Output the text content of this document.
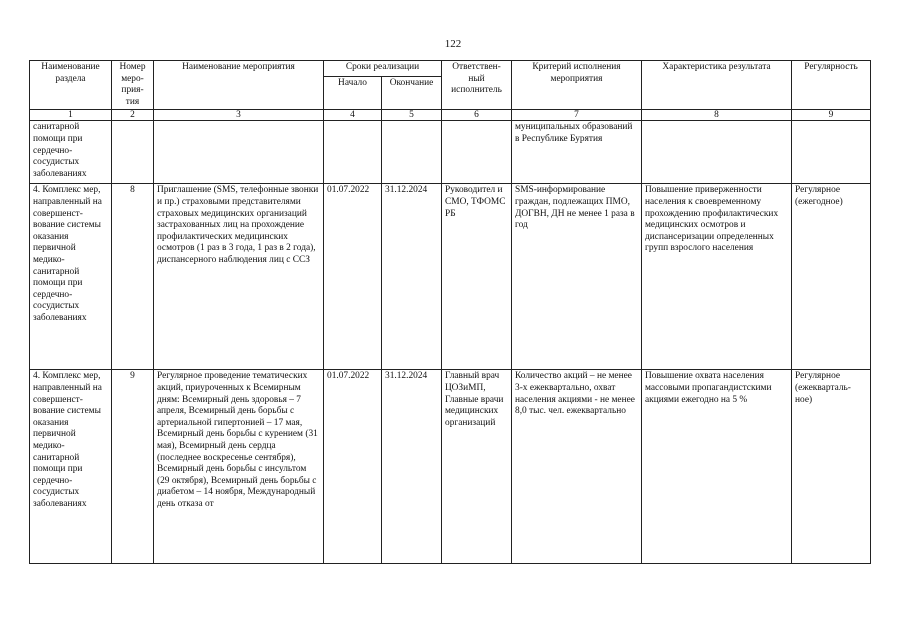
122
Наименование раздела	Номер меро-прия-тия	Наименование мероприятия	Сроки реализации		Ответствен-ный исполнитель	Критерий исполнения мероприятия	Характеристика результата	Регулярность
			Начало	Окончание				
1	2	3	4	5	6	7	8	9
санитарной помощи при сердечно-сосудистых заболеваниях						муниципальных образований в Республике Бурятия		
4. Комплекс мер, направленный на совершенст-вование системы оказания первичной медико-санитарной помощи при сердечно-сосудистых заболеваниях	8	Приглашение (SMS, телефонные звонки и пр.) страховыми представителями страховых медицинских организаций застрахованных лиц на прохождение профилактических медицинских осмотров (1 раз в 3 года, 1 раз в 2 года), диспансерного наблюдения лиц с ССЗ	01.07.2022	31.12.2024	Руководител и СМО, ТФОМС РБ	SMS-информирование граждан, подлежащих ПМО, ДОГВН, ДН не менее 1 раза в год	Повышение приверженности населения к своевременному прохождению профилактических медицинских осмотров и диспансеризации определенных групп взрослого населения	Регулярное (ежегодное)
4. Комплекс мер, направленный на совершенст-вование системы оказания первичной медико-санитарной помощи при сердечно-сосудистых заболеваниях	9	Регулярное проведение тематических акций, приуроченных к Всемирным дням: Всемирный день здоровья – 7 апреля, Всемирный день борьбы с артериальной гипертонией – 17 мая, Всемирный день борьбы с курением (31 мая), Всемирный день сердца (последнее воскресенье сентября), Всемирный день борьбы с инсультом (29 октября), Всемирный день борьбы с диабетом – 14 ноября, Международный день отказа от	01.07.2022	31.12.2024	Главный врач ЦОЗиМП, Главные врачи медицинских организаций	Количество акций – не менее 3-х ежеквартально, охват населения акциями - не менее 8,0 тыс. чел. ежеквартально	Повышение охвата населения массовыми пропагандистскими акциями ежегодно на 5 %	Регулярное (ежекварталь-ное)
